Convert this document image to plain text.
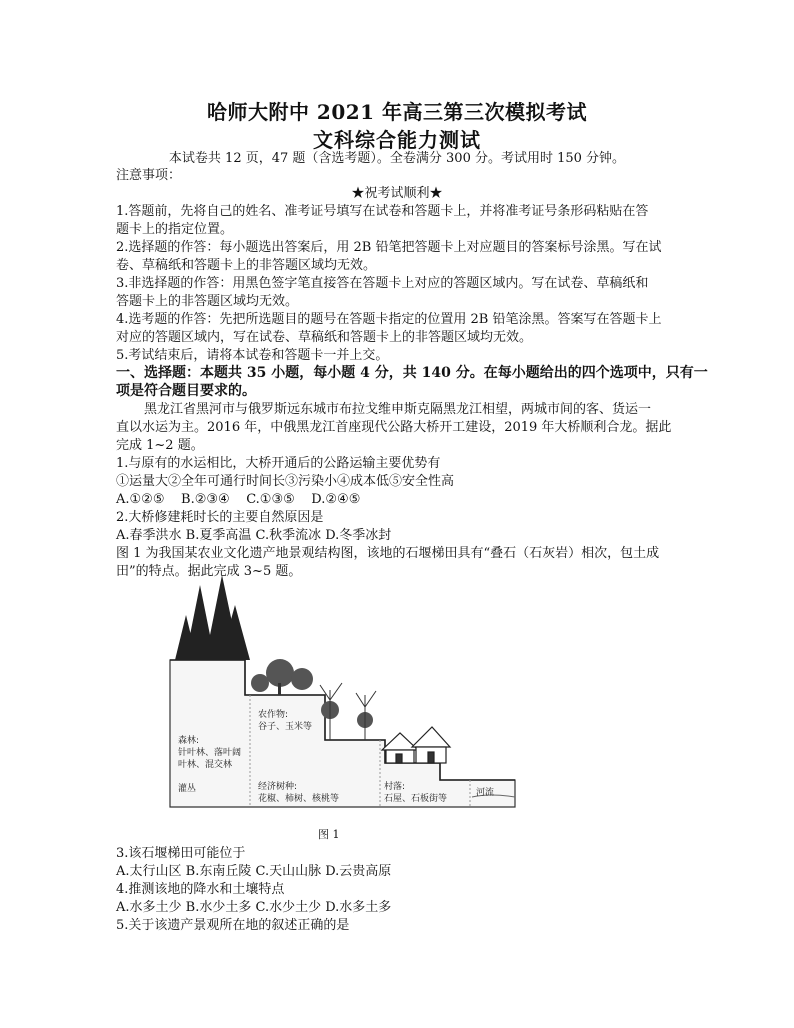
哈师大附中 2021 年高三第三次模拟考试
文科综合能力测试
本试卷共 12 页，47 题（含选考题）。全卷满分 300 分。考试用时 150 分钟。
注意事项：
★祝考试顺利★
1.答题前，先将自己的姓名、准考证号填写在试卷和答题卡上，并将准考证号条形码粘贴在答
题卡上的指定位置。
2.选择题的作答：每小题选出答案后，用 2B 铅笔把答题卡上对应题目的答案标号涂黑。写在试
卷、草稿纸和答题卡上的非答题区域均无效。
3.非选择题的作答：用黑色签字笔直接答在答题卡上对应的答题区域内。写在试卷、草稿纸和
答题卡上的非答题区域均无效。
4.选考题的作答：先把所选题目的题号在答题卡指定的位置用 2B 铅笔涂黑。答案写在答题卡上
对应的答题区域内，写在试卷、草稿纸和答题卡上的非答题区域均无效。
5.考试结束后，请将本试卷和答题卡一并上交。
一、选择题：本题共 35 小题，每小题 4 分，共 140 分。在每小题给出的四个选项中，只有一
项是符合题目要求的。
黑龙江省黑河市与俄罗斯远东城市布拉戈维申斯克隔黑龙江相望，两城市间的客、货运一
直以水运为主。2016 年，中俄黑龙江首座现代公路大桥开工建设，2019 年大桥顺利合龙。据此
完成 1~2 题。
1.与原有的水运相比，大桥开通后的公路运输主要优势有
①运量大②全年可通行时间长③污染小④成本低⑤安全性高
A.①②⑤    B.②③④    C.①③⑤    D.②④⑤
2.大桥修建耗时长的主要自然原因是
A.春季洪水 B.夏季高温 C.秋季流冰 D.冬季冰封
图 1 为我国某农业文化遗产地景观结构图，该地的石堰梯田具有“叠石（石灰岩）相次，包土成
田”的特点。据此完成 3~5 题。
森林:
针叶林、落叶阔
叶林、混交林
灌丛
农作物:
谷子、玉米等
经济树种:
花椒、柿树、核桃等
村落:
石屋、石板街等
河流
图 1
3.该石堰梯田可能位于
A.太行山区 B.东南丘陵 C.天山山脉 D.云贵高原
4.推测该地的降水和土壤特点
A.水多土少 B.水少土多 C.水少土少 D.水多土多
5.关于该遗产景观所在地的叙述正确的是
